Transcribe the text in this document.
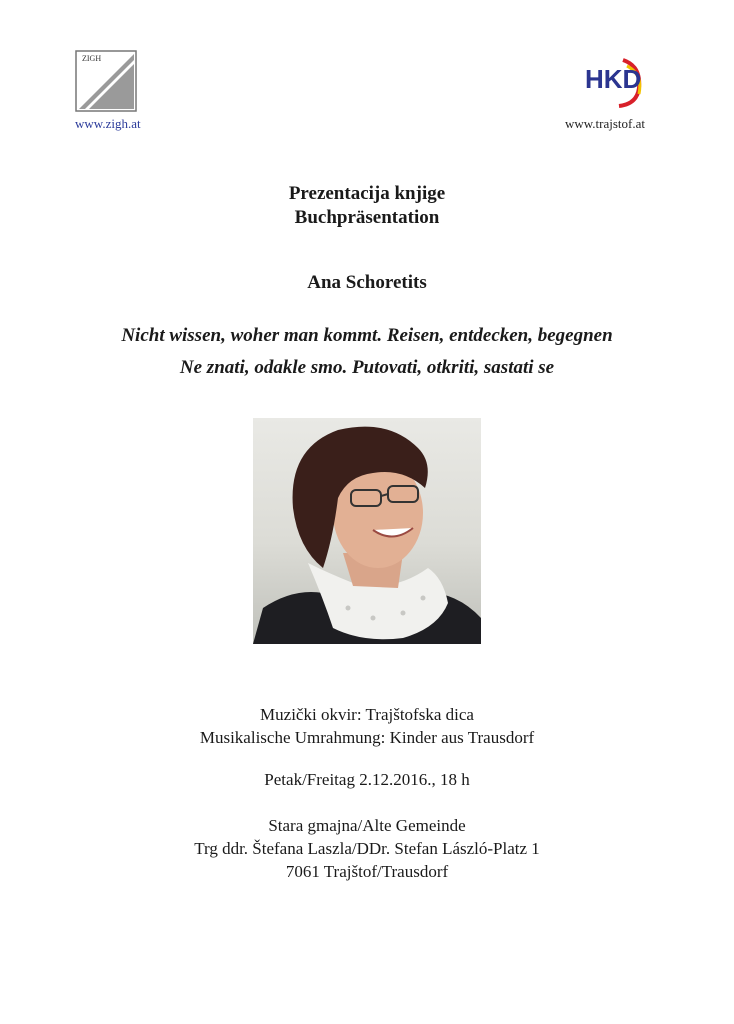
ZIGH
www.zigh.at
HKD
www.trajstof.at
Prezentacija knjige
Buchpräsentation
Ana Schoretits
Nicht wissen, woher man kommt. Reisen, entdecken, begegnen
Ne znati, odakle smo. Putovati, otkriti, sastati se
Muzički okvir: Trajštofska dica
Musikalische Umrahmung: Kinder aus Trausdorf
Petak/Freitag 2.12.2016., 18 h
Stara gmajna/Alte Gemeinde
Trg ddr. Štefana Laszla/DDr. Stefan László-Platz 1
7061 Trajštof/Trausdorf
